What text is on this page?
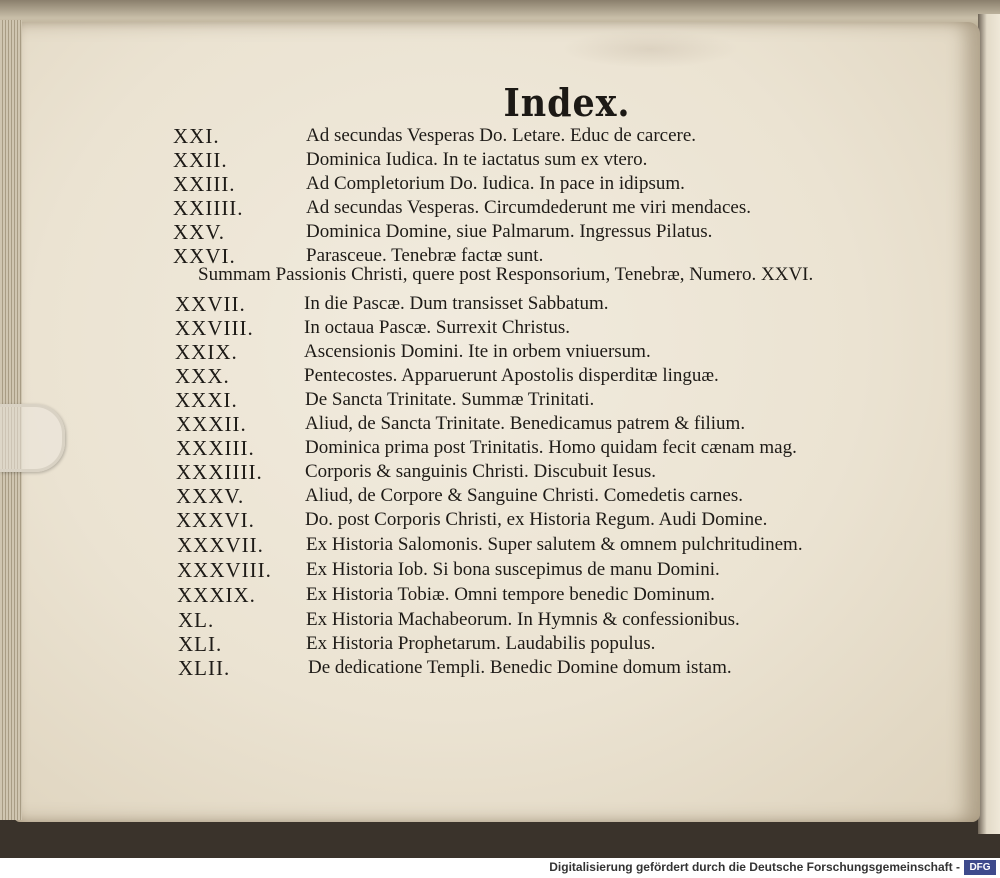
Index.
XXI.	Ad secundas Vesperas Do. Letare. Educ de carcere.
XXII.	Dominica Iudica. In te iactatus sum ex vtero.
XXIII.	Ad Completorium Do. Iudica. In pace in idipsum.
XXIIII.	Ad secundas Vesperas. Circumdederunt me viri mendaces.
XXV.	Dominica Domine, siue Palmarum. Ingressus Pilatus.
XXVI.	Parasceue. Tenebræ factæ sunt.
XXVII.	In die Pascæ. Dum transisset Sabbatum.
XXVIII.	In octaua Pascæ. Surrexit Christus.
XXIX.	Ascensionis Domini. Ite in orbem vniuersum.
XXX.	Pentecostes. Apparuerunt Apostolis disperditæ linguæ.
XXXI.	De Sancta Trinitate. Summæ Trinitati.
XXXII.	Aliud, de Sancta Trinitate. Benedicamus patrem & filium.
XXXIII.	Dominica prima post Trinitatis. Homo quidam fecit cænam mag.
XXXIIII. Corporis & sanguinis Christi. Discubuit Iesus.
XXXV.	Aliud, de Corpore & Sanguine Christi. Comedetis carnes.
XXXVI.	Do. post Corporis Christi, ex Historia Regum. Audi Domine.
XXXVII. Ex Historia Salomonis. Super salutem & omnem pulchritudinem.
XXXVIII. Ex Historia Iob. Si bona suscepimus de manu Domini.
XXXIX.	Ex Historia Tobiæ. Omni tempore benedic Dominum.
XL.	Ex Historia Machabeorum. In Hymnis & confessionibus.
XLI.	Ex Historia Prophetarum. Laudabilis populus.
XLII.	De dedicatione Templi. Benedic Domine domum istam.
Summam Passionis Christi, quere post Responsorium, Tenebræ, Numero. XXVI.
Digitalisierung gefördert durch die Deutsche Forschungsgemeinschaft - DFG
